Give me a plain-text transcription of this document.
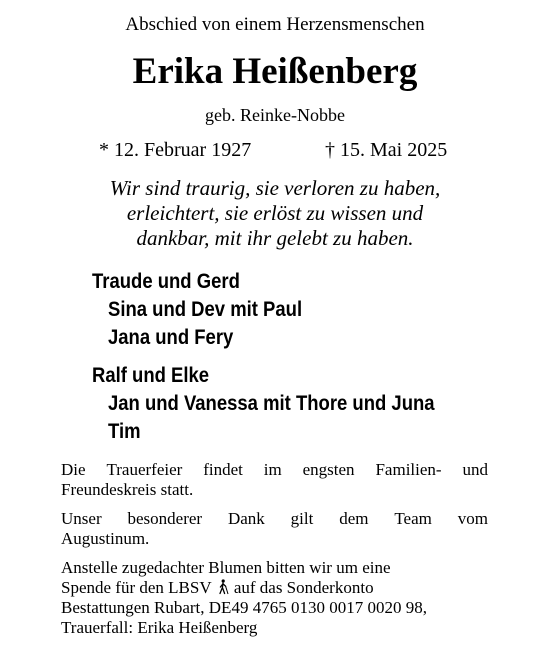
Abschied von einem Herzensmenschen
Erika Heißenberg
geb. Reinke-Nobbe
* 12. Februar 1927	† 15. Mai 2025
Wir sind traurig, sie verloren zu haben,
erleichtert, sie erlöst zu wissen und
dankbar, mit ihr gelebt zu haben.
Traude und Gerd
Sina und Dev mit Paul
Jana und Fery
Ralf und Elke
Jan und Vanessa mit Thore und Juna
Tim
Die Trauerfeier findet im engsten Familien- und
Freundeskreis statt.
Unser besonderer Dank gilt dem Team vom
Augustinum.
Anstelle zugedachter Blumen bitten wir um eine
Spende für den LBSV auf das Sonderkonto
Bestattungen Rubart, DE49 4765 0130 0017 0020 98,
Trauerfall: Erika Heißenberg
